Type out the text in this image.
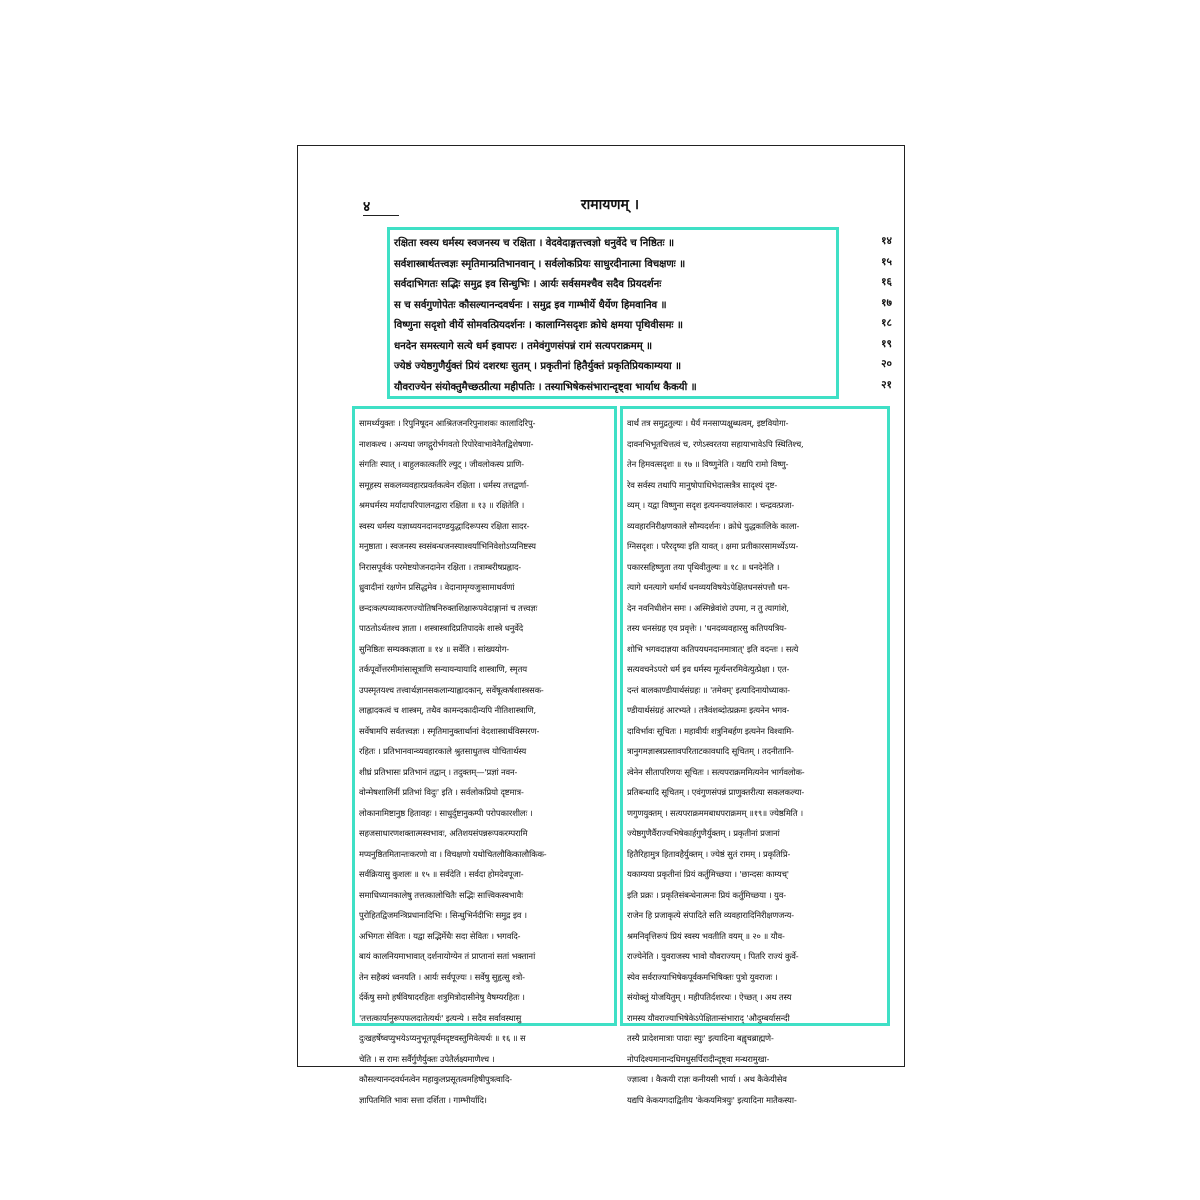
४	रामायणम् ।
रक्षिता स्वस्य धर्मस्य स्वजनस्य च रक्षिता । वेदवेदाङ्गतत्त्वज्ञो धनुर्वेदे च निष्ठितः ॥
सर्वशास्त्रार्थतत्त्वज्ञः स्मृतिमान्प्रतिभानवान् । सर्वलोकप्रियः साधुरदीनात्मा विचक्षणः ॥
सर्वदाभिगतः सद्भिः समुद्र इव सिन्धुभिः । आर्यः सर्वसमश्चैव सदैव प्रियदर्शनः
स च सर्वगुणोपेतः कौसल्यानन्दवर्धनः । समुद्र इव गाम्भीर्ये धैर्येण हिमवानिव ॥
विष्णुना सदृशो वीर्ये सोमवत्प्रियदर्शनः । कालाग्निसदृशः क्रोधे क्षमया पृथिवीसमः ॥
धनदेन समस्त्यागे सत्ये धर्म इवापरः । तमेवंगुणसंपन्नं रामं सत्यपराक्रमम् ॥
ज्येष्ठं ज्येष्ठगुणैर्युक्तं प्रियं दशरथः सुतम् । प्रकृतीनां हितैर्युक्तं प्रकृतिप्रियकाम्यया ॥
यौवराज्येन संयोक्तुमैच्छत्प्रीत्या महीपतिः । तस्याभिषेकसंभारान्दृष्ट्वा भार्याथ कैकयी ॥
१४
१५
१६
१७
१८
१९
२०
२१
सामर्थ्ययुक्तः । रिपुनिषूदन आश्रितजनरिपुनाशकः कालादिरिपु-
नाशकश्च । अन्यथा जगद्गुरोर्भगवतो रिपोरेवाभावेनैतद्विशेषणा-
संगतिः स्यात् । बाहुलकात्कर्तरि ल्युट् । जीवलोकस्य प्राणि-
समूहस्य सकलव्यवहारप्रवर्तकत्वेन रक्षिता । धर्मस्य तत्तद्वर्णा-
श्रमधर्मस्य मर्यादापरिपालनद्वारा रक्षिता ॥ १३ ॥ रक्षितेति ।
स्वस्य धर्मस्य यज्ञाध्ययनदानदण्डयुद्धादिरूपस्य रक्षिता सादर-
मनुष्ठाता । स्वजनस्य स्वसंबन्धजनस्याश्वर्याभिनिवेशोऽप्यनिष्टस्य
निरासपूर्वकं परमेष्टयोजनदानेन रक्षिता । तत्राम्बरीषप्रह्लाद-
ध्रुवादीनां रक्षणेन प्रसिद्धमेव । वेदानामृग्यजुःसामाथर्वणां
छन्दःकल्पव्याकरणज्योतिषनिरुक्तशिक्षारूपवेदाङ्गानां च तत्त्वज्ञः
पाठतोऽर्थतश्च ज्ञाता । शस्त्रास्त्रादिप्रतिपादके शास्त्रे धनुर्वेदे
सुनिष्ठितः सम्यक्कज्ञाता ॥ १४ ॥ सर्वेति । सांख्ययोग-
तर्कपूर्वोत्तरमीमांसासूत्राणि सन्यायन्यायादि शास्त्राणि, स्मृतय
उपस्मृतयश्च तत्त्वार्थज्ञानसकलान्याह्लादकान्, सर्वेषूत्कर्षशास्त्रसक-
लाह्लादकत्वं च शास्त्रम्, तथैव कामन्दकादीन्यपि नीतिशास्त्राणि,
सर्वेषामपि सर्वतत्त्वज्ञः । स्मृतिमानुक्तार्थानां वेदशास्त्रार्थविस्मरण-
रहितः । प्रतिभानवान्व्यवहारकाले श्रुतसाधुतत्त्व योचितार्थस्य
शीघ्रं प्रतिभासः प्रतिभानं तद्वान् । तदुक्तम्—'प्रज्ञां नवन-
वोन्मेषशालिनीं प्रतिभां विदुः' इति । सर्वलोकप्रियो दृष्टमात्र-
लोकानामिष्टानुष्ठ हितावहः । साधुर्दुष्टानुकम्पी परोपकारशीलः ।
सहजसाधारणशक्तात्मस्वभावः, अतिशयसंपन्नरूपकरम्परामि
मप्यनुष्ठितमितान्तःकरणो वा । विचक्षणो यथोचितलौकिकालौकिक-
सर्वक्रियासु कुशलः ॥ १५ ॥ सर्वदेति । सर्वदा होमदेवपूजा-
समाधिध्यानकालेषु तत्तत्कालोचितैः सद्भिः सात्त्विकस्वभावैः
पुरोहितद्विजमन्त्रिप्रधानादिभिः । सिन्धुभिर्नदीभिः समुद्र इव ।
अभिगतः सेवितः । यद्वा सद्भिर्मेधैः सदा सेवितः । भगवदि-
बायं कालनियमाभावात् दर्शनायोग्येन तं प्राप्तानां सतां भक्तानां
तेन सहैक्यं ध्वनयति । आर्यः सर्वपूज्यः । सर्वेषु सुहृत्सु श्त्रो-
र्दर्केषु समो हर्षविषादरहितः शत्रुमित्रोदासीनेषु वैषम्यरहितः ।
'तत्तत्कार्यानुरूपफलदातेत्यर्थः' इत्यन्ये । सदैव सर्वावस्थासु
दुःखहर्षेष्वप्युभयेऽप्यनुभूतपूर्वमदृष्टवस्तुमिवेत्यर्थः ॥ १६ ॥ स
चेति । स रामः सर्वैर्गुणैर्युक्तः उपेतैर्लक्ष्यमाणैश्च ।
कौसल्यानन्दवर्धनत्वेन महाकुलप्रसूतत्वमहिषीपुत्रत्वादि-
ज्ञापितमिति भावः सत्ता दर्शिता । गाम्भीर्यादि।
वार्थं तत्र समुद्रतुल्यः । धैर्यं मनसाप्यक्षुब्धत्वम्, इष्टवियोगा-
दावनभिभूतचित्तत्वं च, रणेऽस्वरतया सहायाभावेऽपि स्थितिश्च,
तेन हिमवत्सदृशः ॥ १७ ॥ विष्णुनेति । यद्यपि रामो विष्णु-
रेव सर्वस्य तथापि मानुषोपाधिभेदात्सत्रैत्र सादृश्यं दृष्ट-
व्यम् । यद्वा विष्णुना सदृश इत्यनन्वयालंकारः । चन्द्रवत्प्रजा-
व्यवहारनिरीक्षणकाले सौम्यदर्शनः । क्रोधे युद्धकालिके काला-
ग्निसदृशः । परैरदृष्यः इति यावत् । क्षमा प्रतीकारसामर्थ्येऽप्य-
पकारसहिष्णुता तया पृथिवीतुल्यः ॥ १८ ॥ धनदेनेति ।
त्यागे धनत्यागे धर्मार्थं धनव्ययविषयेऽपेक्षितधनसंपत्तौ धन-
देन नवनिधीशेन समः । अस्मिन्नेवांशे उपमा, न तु त्यागांशे,
तस्य धनसंग्रह एव प्रवृत्तेः । 'धनदव्यवहारसु कतिपयत्रिय-
शोभि भगवदाज्ञया कतिपयधनदानमात्रात्' इति वदन्तः । सत्ये
सत्यवचनेऽपरो धर्म इव धर्मस्य मूर्त्यन्तरमिवेत्युत्प्रेक्षा । एत-
दन्तं बालकाण्डीयार्थसंग्रहः ॥ 'तमेवम्' इत्यादिनायोध्याका-
ण्डीयार्थसंग्रहं आरभ्यते । तत्रैवंशब्दोत्प्रक्रमः इत्यनेन भगव-
दाविर्भावः सूचितः । महावीर्यः शत्रुनिबर्हण इत्यनेन विश्वामि-
त्रानुगमज्ञास्त्रप्रस्तावपरिताटकावधादि सूचितम् । तदनीतानि-
त्वेनेन सीतापरिणयः सूचितः । सत्यपराक्रममित्यनेन भार्गवलोक-
प्रतिबन्धादि सूचितम् । एवंगुणसंपन्नं प्राणुक्तरीत्या सकलकल्या-
णगुणयुक्तम् । सत्यपराक्रममबाधपराक्रमम् ॥१९॥ ज्येष्ठमिति ।
ज्येष्ठगुणैर्वैराज्यभिषेकार्हगुणैर्युक्तम् । प्रकृतीनां प्रजानां
हितैरिहामुत्र हितावहैर्युक्तम् । ज्येष्ठं सुतं रामम् । प्रकृतिप्रि-
यकाम्यया प्रकृतीनां प्रियं कर्तुमिच्छया । 'छान्दसः काम्यच्'
इति प्रक्रः । प्रकृतिसंबन्धेनात्मनः प्रियं कर्तुमिच्छया । युव-
राजेन हि प्रजाकृत्ये संपादिते सति व्यवहारादिनिरीक्षणजन्य-
श्रमनिवृत्तिरूपं प्रियं स्वस्य भवतीति वयम् ॥ २० ॥ यौव-
राज्येनेति । युवराजस्य भावो यौवराज्यम् । पितरि राज्यं कुर्वे-
स्येव सर्वराज्याभिषेकपूर्वकमभिषिक्तः पुत्रो युवराजः ।
संयोक्तुं योजयितुम् । महीपतिर्दशरथः । ऐच्छत् । अथ तस्य
रामस्य यौवराज्याभिषेकेऽपेक्षितान्संभाराद् 'औदुम्बर्यासन्दी
तस्यै प्रादेशमात्राः पादाः स्युः' इत्यादिना बह्वृचब्राह्मणे-
नोपदिश्यमानान्दधिमधुसर्पिरादीन्दृष्ट्वा मन्थरामुखा-
ज्ज्ञात्वा । कैकयी राज्ञः कनीयसी भार्या । अथ कैकेयीसेव
यद्यपि केकयगदाद्वितीय 'केकयमित्रयुः' इत्यादिना मातैकस्या-
